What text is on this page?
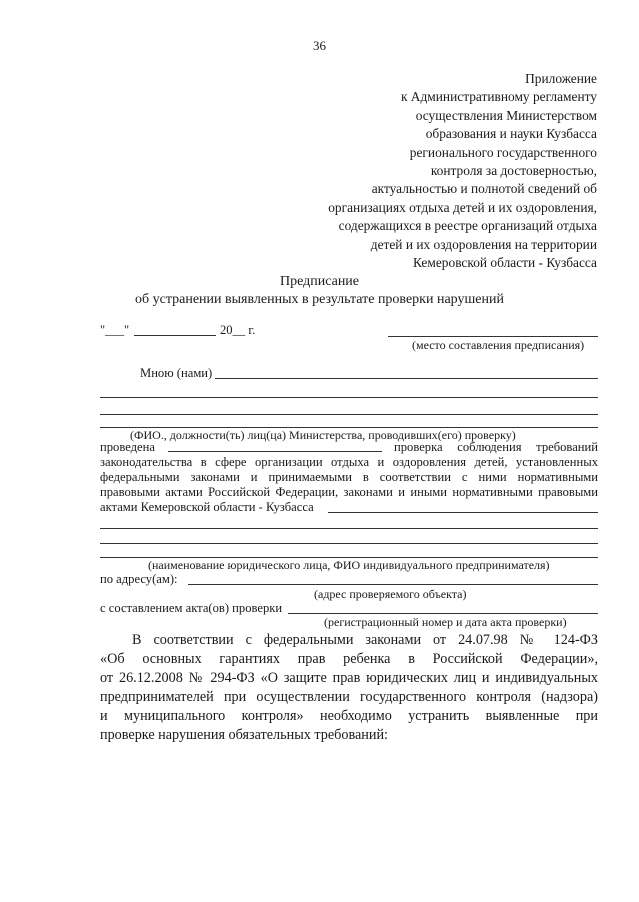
36
Приложение
к Административному регламенту
осуществления Министерством
образования и науки Кузбасса
регионального государственного
контроля за достоверностью,
актуальностью и полнотой сведений об
организациях отдыха детей и их оздоровления,
содержащихся в реестре организаций отдыха
детей и их оздоровления на территории
Кемеровской области - Кузбасса
Предписание
об устранении выявленных в результате проверки нарушений
"___"	20__ г.
(место составления предписания)
Мною (нами)
(ФИО., должности(ть) лиц(ца) Министерства, проводивших(его) проверку)
проведена	проверка соблюдения требований
законодательства в сфере организации отдыха и оздоровления детей, установленных
федеральными законами и принимаемыми в соответствии с ними нормативными
правовыми актами Российской Федерации, законами и иными нормативными правовыми
актами Кемеровской области - Кузбасса
(наименование юридического лица, ФИО индивидуального предпринимателя)
по адресу(ам):
(адрес проверяемого объекта)
с составлением акта(ов) проверки
(регистрационный номер и дата акта проверки)
В соответствии с федеральными законами от 24.07.98 № 124-ФЗ
«Об основных гарантиях прав ребенка в Российской Федерации»,
от 26.12.2008 № 294-ФЗ «О защите прав юридических лиц и индивидуальных
предпринимателей при осуществлении государственного контроля (надзора)
и муниципального контроля» необходимо устранить выявленные при
проверке нарушения обязательных требований:
